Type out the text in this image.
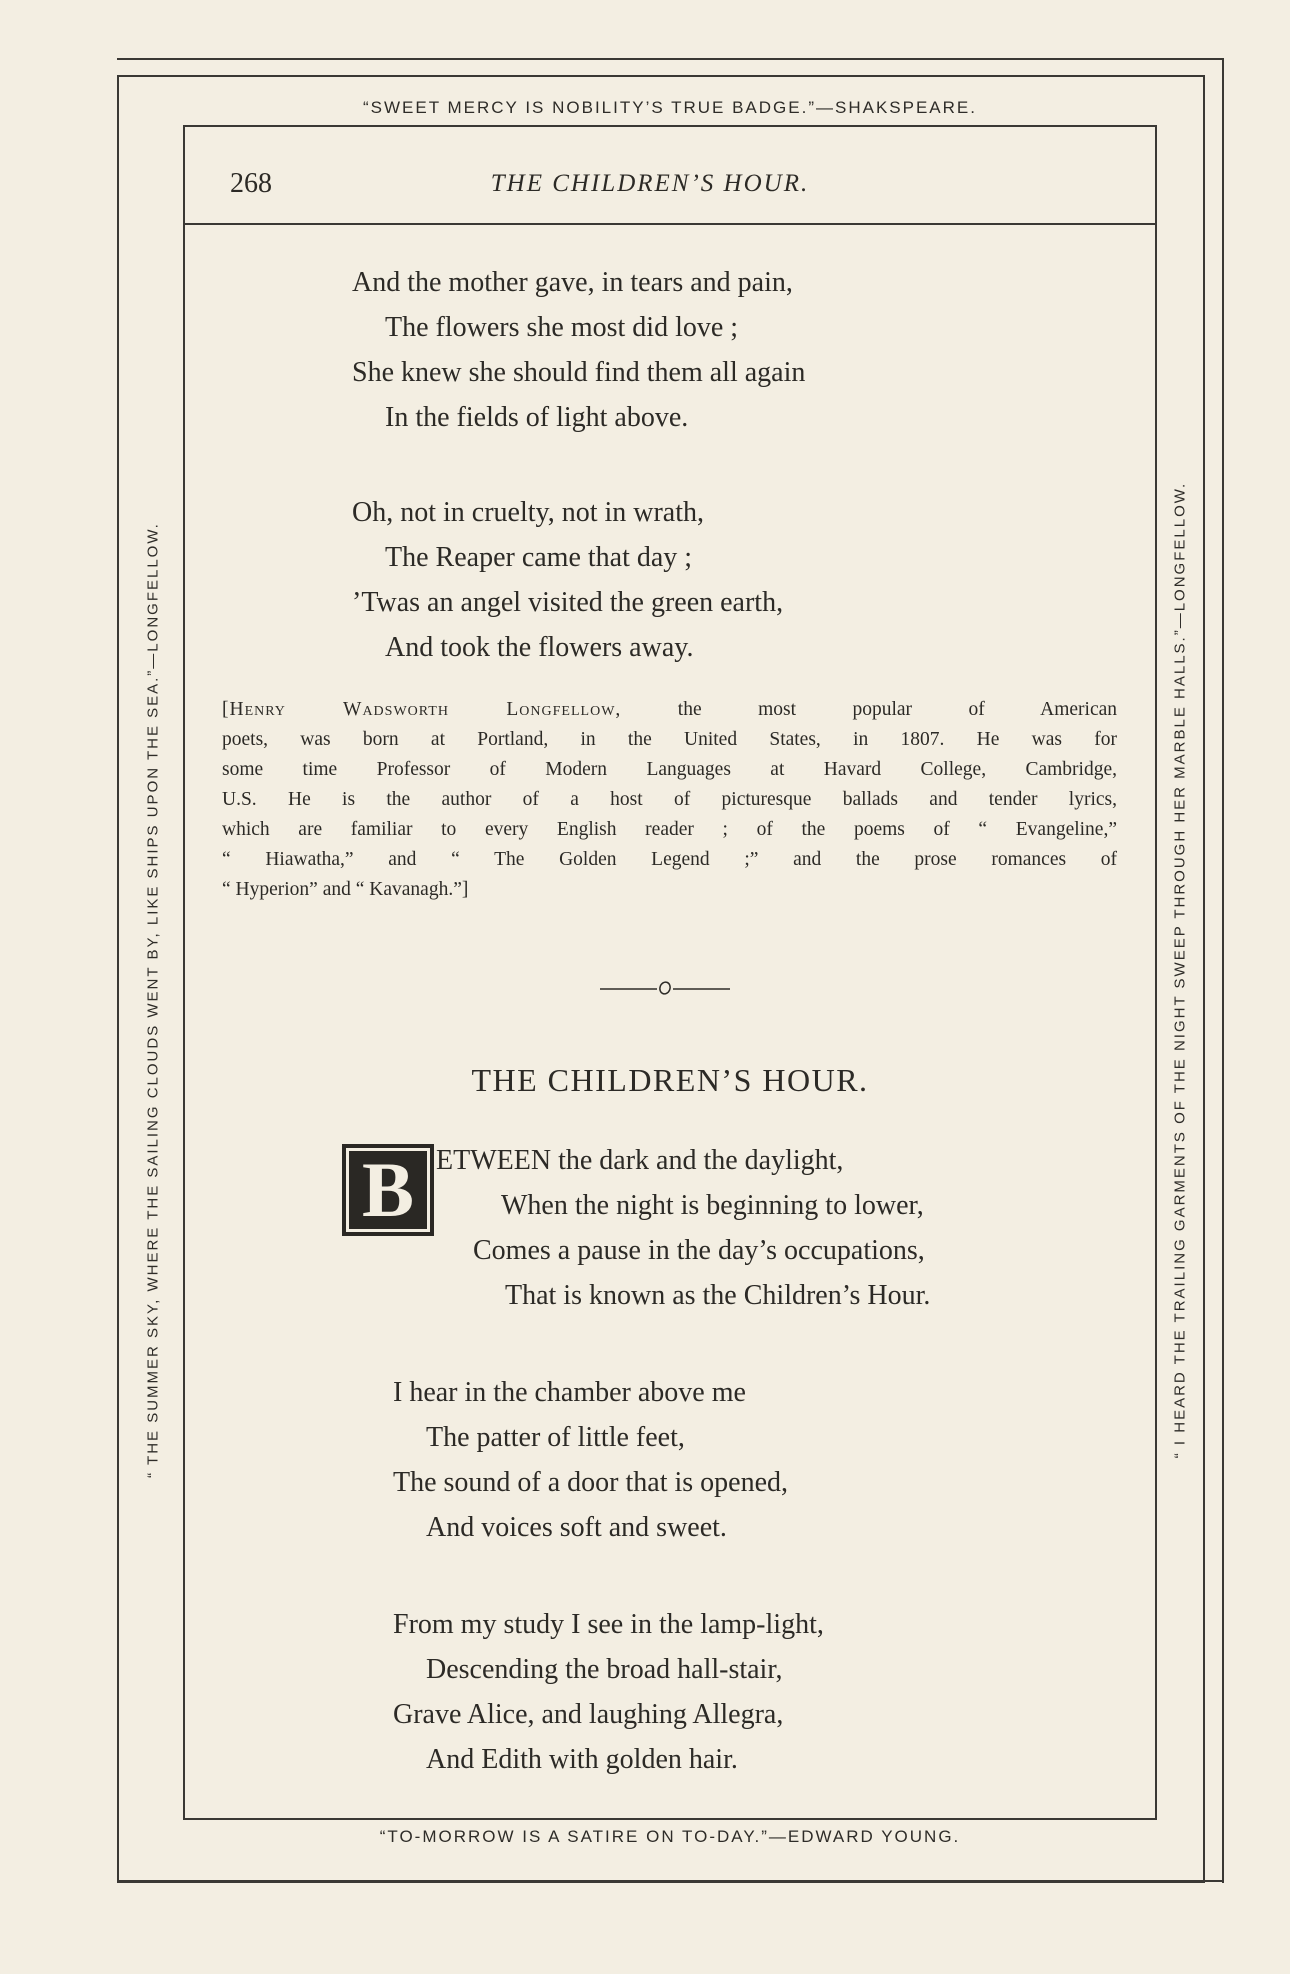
“SWEET MERCY IS NOBILITY’S TRUE BADGE.”—SHAKSPEARE.
“TO-MORROW IS A SATIRE ON TO-DAY.”—EDWARD YOUNG.
“ THE SUMMER SKY, WHERE THE SAILING CLOUDS WENT BY, LIKE SHIPS UPON THE SEA.”—LONGFELLOW.	“ I HEARD THE TRAILING GARMENTS OF THE NIGHT SWEEP THROUGH HER MARBLE HALLS.”—LONGFELLOW.
268	THE CHILDREN’S HOUR.
And the mother gave, in tears and pain,
The flowers she most did love ;
She knew she should find them all again
In the fields of light above.
Oh, not in cruelty, not in wrath,
The Reaper came that day ;
’Twas an angel visited the green earth,
And took the flowers away.
[Henry Wadsworth Longfellow,	the most popular of American
poets, was born at Portland, in the United States, in 1807. He was for
some time Professor of Modern Languages at Havard College, Cambridge,
U.S. He is the author of a host of picturesque ballads and tender lyrics,
which are familiar to every English reader ; of the poems of “ Evangeline,”
“ Hiawatha,” and “ The Golden Legend ;” and the prose romances of
“ Hyperion” and “ Kavanagh.”]
THE CHILDREN’S HOUR.
B ETWEEN the dark and the daylight,
When the night is beginning to lower,
Comes a pause in the day’s occupations,
That is known as the Children’s Hour.
I hear in the chamber above me
The patter of little feet,
The sound of a door that is opened,
And voices soft and sweet.
From my study I see in the lamp-light,
Descending the broad hall-stair,
Grave Alice, and laughing Allegra,
And Edith with golden hair.
